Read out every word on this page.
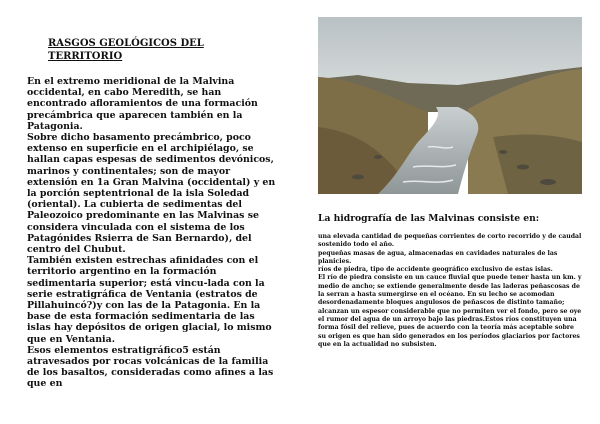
RASGOS GEOLÓGICOS DEL TERRITORIO

En el extremo meridional de la Malvina occidental, en cabo Meredith, se han encontrado afloramientos de una formación precámbrica que aparecen también en la Patagonia.

Sobre dicho basamento precámbrico, poco extenso en superficie en el archipiélago, se hallan capas espesas de sedimentos devónicos, marinos y continentales; son de mayor extensión en 1a Gran Malvina (occidental) y en la porción septentrional de la isla Soledad (oriental). La cubierta de sedimentas del Paleozoico predominante en las Malvinas se considera vinculada con el sistema de los Patagónides Rsierra de San Bernardo), del centro del Chubut.

También existen estrechas afinidades con el territorio argentino en la formación sedimentaria superior; está vincu-lada con la serie estratigráfica de Ventania (estratos de Pillahuincó?)y con las de la Patagonia. En la base de esta formación sedimentaria de las islas hay depósitos de origen glacial, lo mismo que en Ventania.

Esos elementos estratigráfico5 están atravesados por rocas volcánicas de la familia de los basaltos, consideradas como afines a las que en

La hidrografía de las Malvinas consiste en:

una elevada cantidad de pequeñas corrientes de corto recorrido y de caudal sostenido todo el año.

pequeñas masas de agua, almacenadas en cavidades naturales de las planicies.

ríos de piedra, tipo de accidente geográfico exclusivo de estas islas.

El río de piedra consiste en un cauce fluvial que puede tener hasta un km. y medio de ancho; se extiende generalmente desde las laderas peñascosas de la serran a hasta sumergirse en el océano. En su lecho se acomodan desordenadamente bloques angulosos de peñascos de distinto tamaño; alcanzan un espesor considerable que no permiten ver el fondo, pero se oye el rumor del agua de un arroyo bajo las piedras.Estos ríos constituyen una forma fósil del relieve, pues de acuerdo con la teoría más aceptable sobre su origen es que han sido generados en los períodos glaciarios por factores que en la actualidad no subsisten.
